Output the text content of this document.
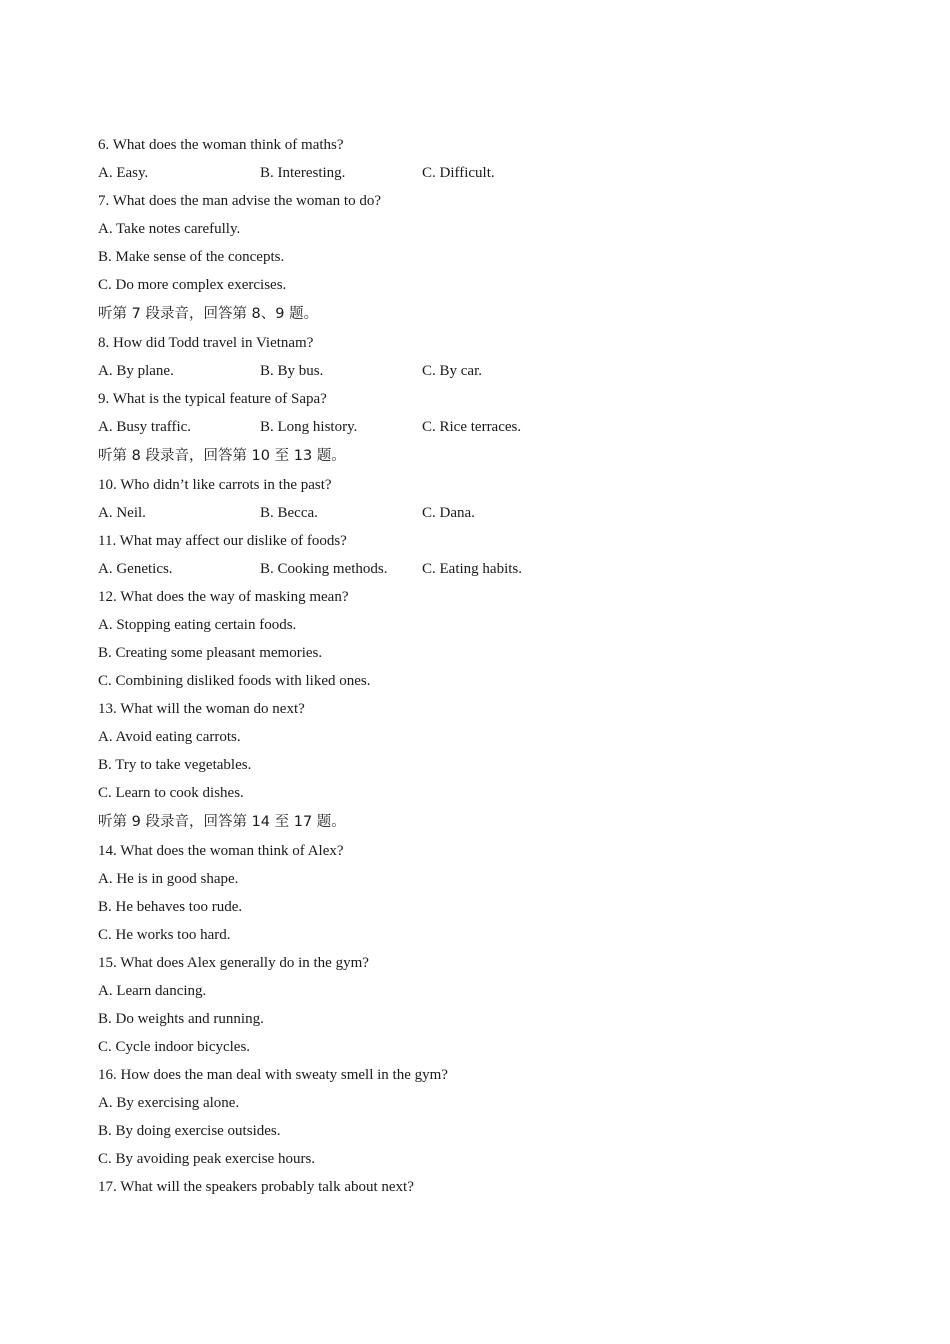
6. What does the woman think of maths?
A. Easy.	B. Interesting.	C. Difficult.
7. What does the man advise the woman to do?
A. Take notes carefully.
B. Make sense of the concepts.
C. Do more complex exercises.
听第 7 段录音，回答第 8、9 题。
8. How did Todd travel in Vietnam?
A. By plane.	B. By bus.	C. By car.
9. What is the typical feature of Sapa?
A. Busy traffic.	B. Long history.	C. Rice terraces.
听第 8 段录音，回答第 10 至 13 题。
10. Who didn’t like carrots in the past?
A. Neil.	B. Becca.	C. Dana.
11. What may affect our dislike of foods?
A. Genetics.	B. Cooking methods.	C. Eating habits.
12. What does the way of masking mean?
A. Stopping eating certain foods.
B. Creating some pleasant memories.
C. Combining disliked foods with liked ones.
13. What will the woman do next?
A. Avoid eating carrots.
B. Try to take vegetables.
C. Learn to cook dishes.
听第 9 段录音，回答第 14 至 17 题。
14. What does the woman think of Alex?
A. He is in good shape.
B. He behaves too rude.
C. He works too hard.
15. What does Alex generally do in the gym?
A. Learn dancing.
B. Do weights and running.
C. Cycle indoor bicycles.
16. How does the man deal with sweaty smell in the gym?
A. By exercising alone.
B. By doing exercise outsides.
C. By avoiding peak exercise hours.
17. What will the speakers probably talk about next?
